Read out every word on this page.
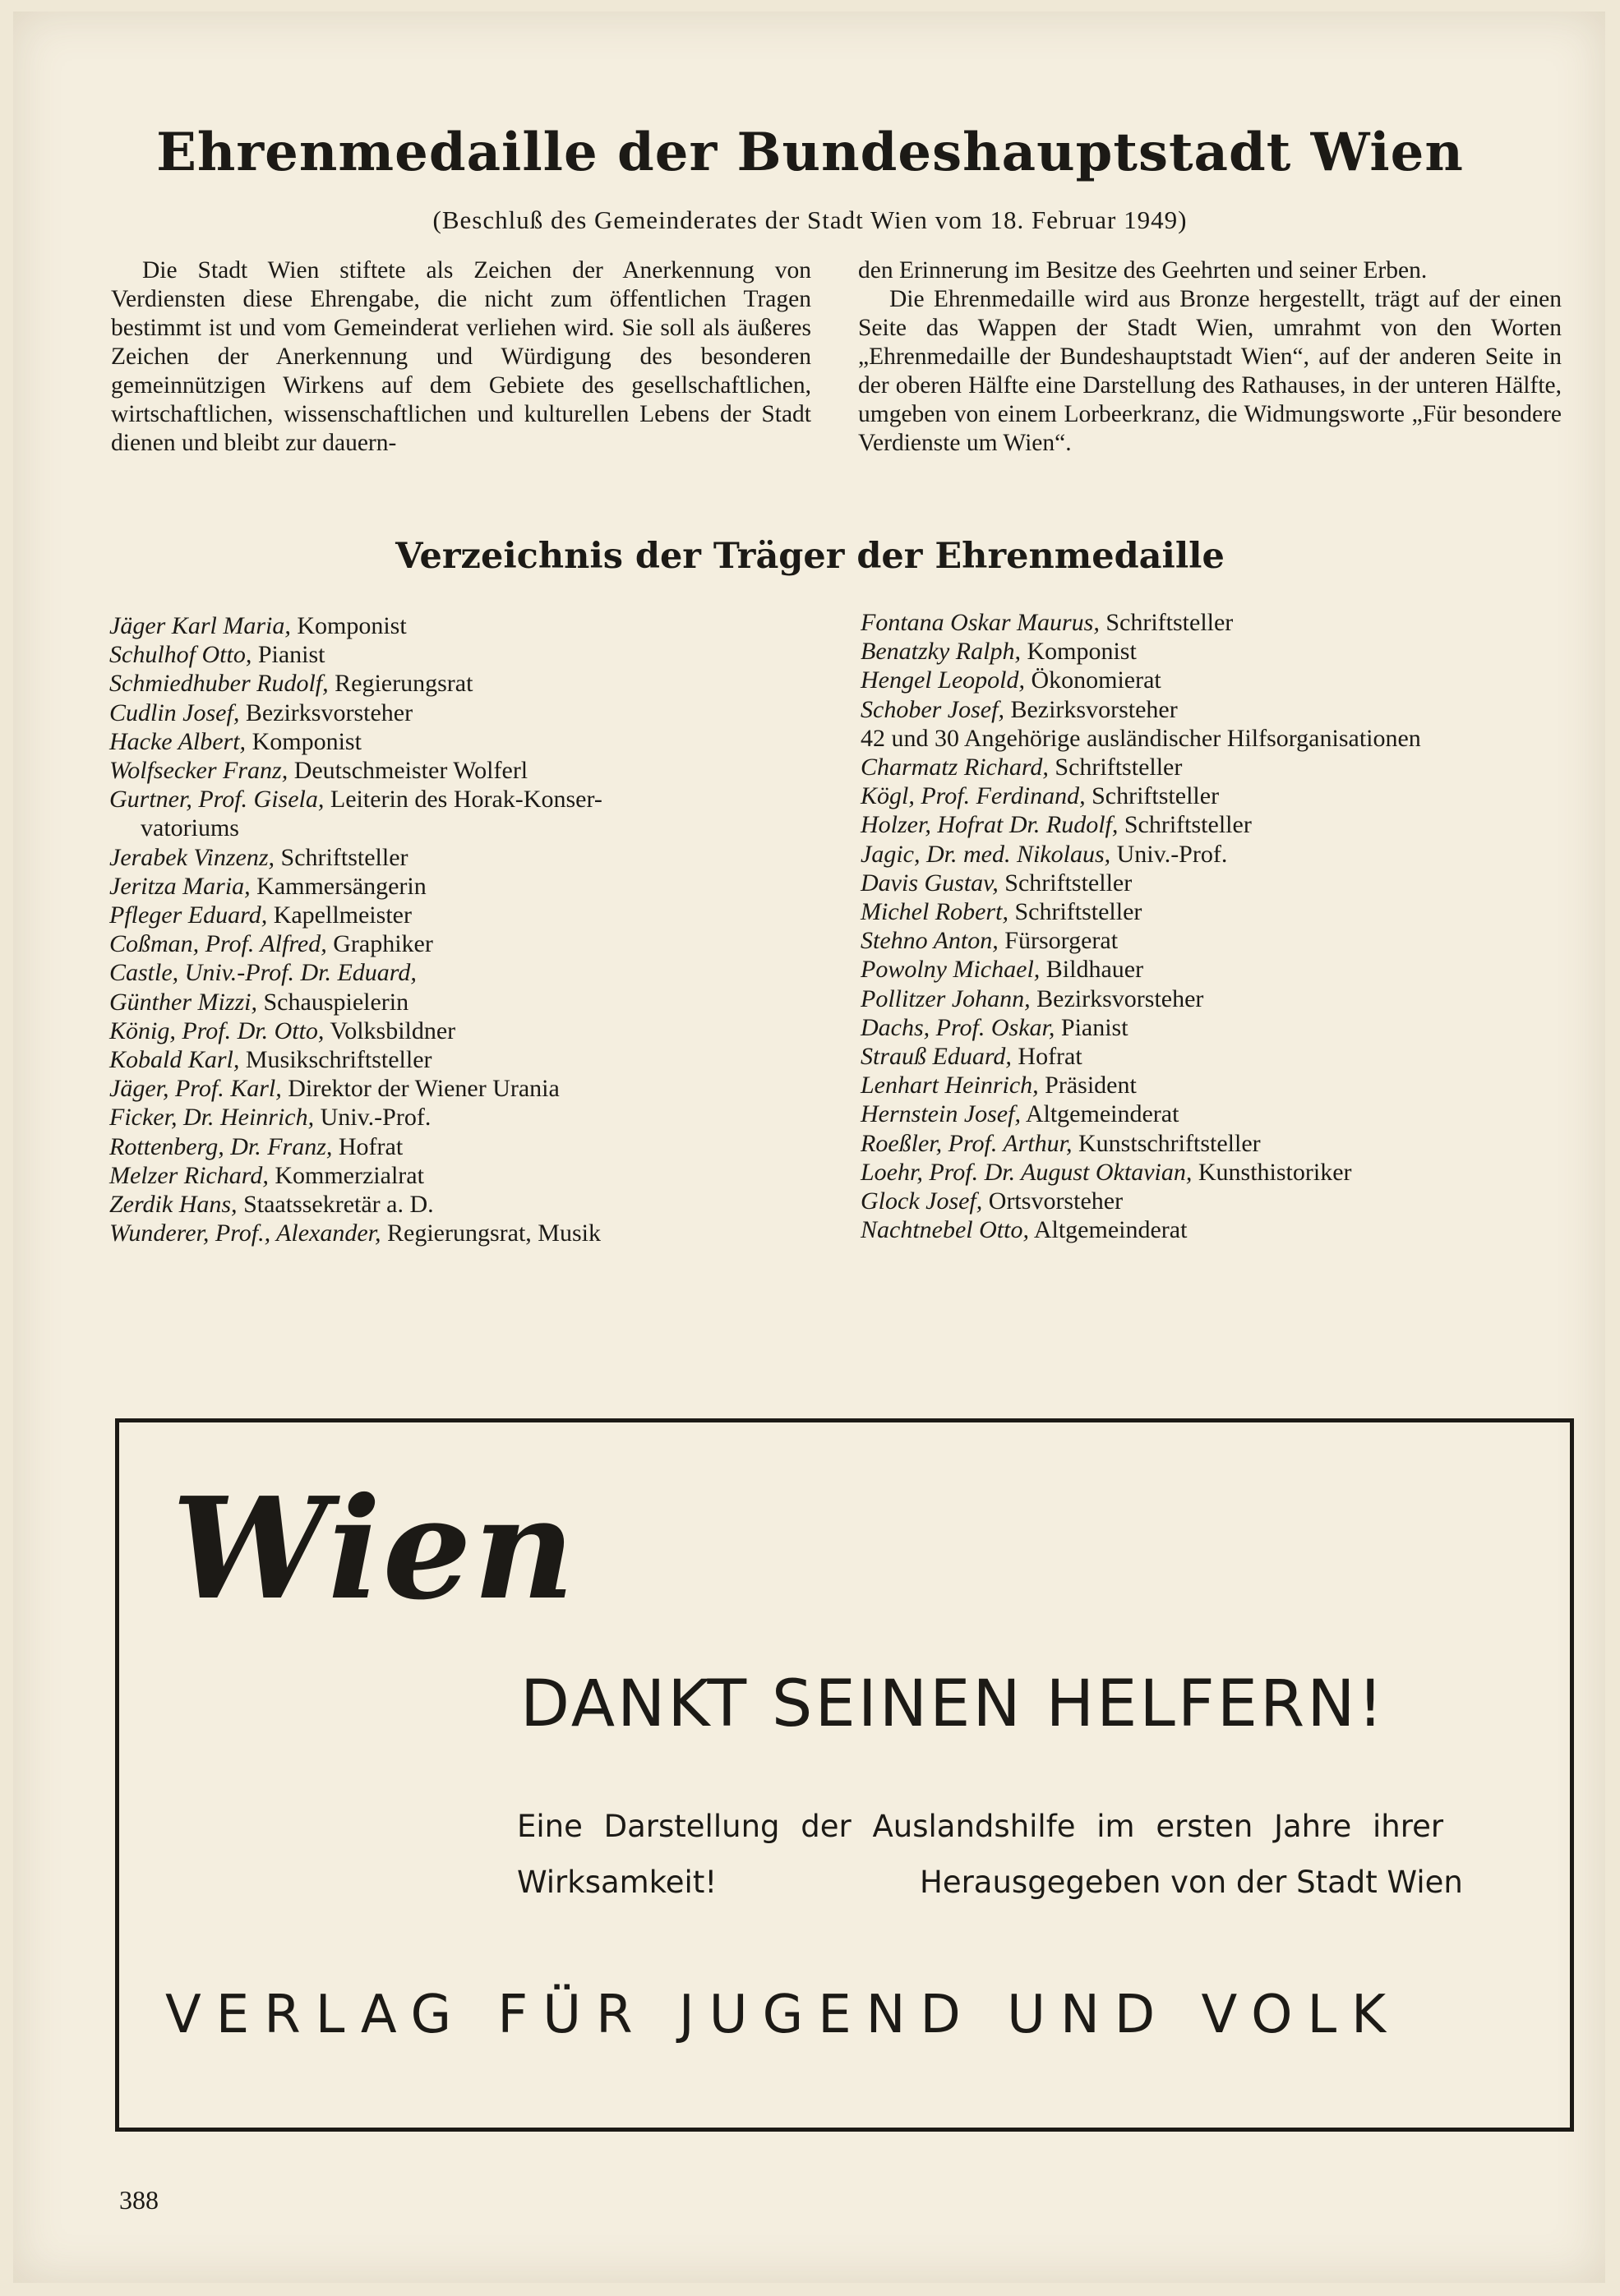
Ehrenmedaille der Bundeshauptstadt Wien
(Beschluß des Gemeinderates der Stadt Wien vom 18. Februar 1949)

Die Stadt Wien stiftete als Zeichen der Anerkennung von Verdiensten diese Ehrengabe, die nicht zum öffentlichen Tragen bestimmt ist und vom Gemeinderat verliehen wird. Sie soll als äußeres Zeichen der Anerkennung und Würdigung des besonderen gemeinnützigen Wirkens auf dem Gebiete des gesellschaftlichen, wirtschaftlichen, wissenschaftlichen und kulturellen Lebens der Stadt dienen und bleibt zur dauern-

den Erinnerung im Besitze des Geehrten und seiner Erben.

Die Ehrenmedaille wird aus Bronze hergestellt, trägt auf der einen Seite das Wappen der Stadt Wien, umrahmt von den Worten „Ehrenmedaille der Bundeshauptstadt Wien“, auf der anderen Seite in der oberen Hälfte eine Darstellung des Rathauses, in der unteren Hälfte, umgeben von einem Lorbeerkranz, die Widmungsworte „Für besondere Verdienste um Wien“.

Verzeichnis der Träger der Ehrenmedaille
Jäger Karl Maria, Komponist
Schulhof Otto, Pianist
Schmiedhuber Rudolf, Regierungsrat
Cudlin Josef, Bezirksvorsteher
Hacke Albert, Komponist
Wolfsecker Franz, Deutschmeister Wolferl
Gurtner, Prof. Gisela, Leiterin des Horak-Konser-
vatoriums
Jerabek Vinzenz, Schriftsteller
Jeritza Maria, Kammersängerin
Pfleger Eduard, Kapellmeister
Coßman, Prof. Alfred, Graphiker
Castle, Univ.-Prof. Dr. Eduard,
Günther Mizzi, Schauspielerin
König, Prof. Dr. Otto, Volksbildner
Kobald Karl, Musikschriftsteller
Jäger, Prof. Karl, Direktor der Wiener Urania
Ficker, Dr. Heinrich, Univ.-Prof.
Rottenberg, Dr. Franz, Hofrat
Melzer Richard, Kommerzialrat
Zerdik Hans, Staatssekretär a. D.
Wunderer, Prof., Alexander, Regierungsrat, Musik
Fontana Oskar Maurus, Schriftsteller
Benatzky Ralph, Komponist
Hengel Leopold, Ökonomierat
Schober Josef, Bezirksvorsteher
42 und 30 Angehörige ausländischer Hilfsorganisationen
Charmatz Richard, Schriftsteller
Kögl, Prof. Ferdinand, Schriftsteller
Holzer, Hofrat Dr. Rudolf, Schriftsteller
Jagic, Dr. med. Nikolaus, Univ.-Prof.
Davis Gustav, Schriftsteller
Michel Robert, Schriftsteller
Stehno Anton, Fürsorgerat
Powolny Michael, Bildhauer
Pollitzer Johann, Bezirksvorsteher
Dachs, Prof. Oskar, Pianist
Strauß Eduard, Hofrat
Lenhart Heinrich, Präsident
Hernstein Josef, Altgemeinderat
Roeßler, Prof. Arthur, Kunstschriftsteller
Loehr, Prof. Dr. August Oktavian, Kunsthistoriker
Glock Josef, Ortsvorsteher
Nachtnebel Otto, Altgemeinderat
Wien
DANKT SEINEN HELFERN!
Eine Darstellung der Auslandshilfe im ersten Jahre ihrer
Wirksamkeit!	Herausgegeben von der Stadt Wien
VERLAG FÜR JUGEND UND VOLK
388
